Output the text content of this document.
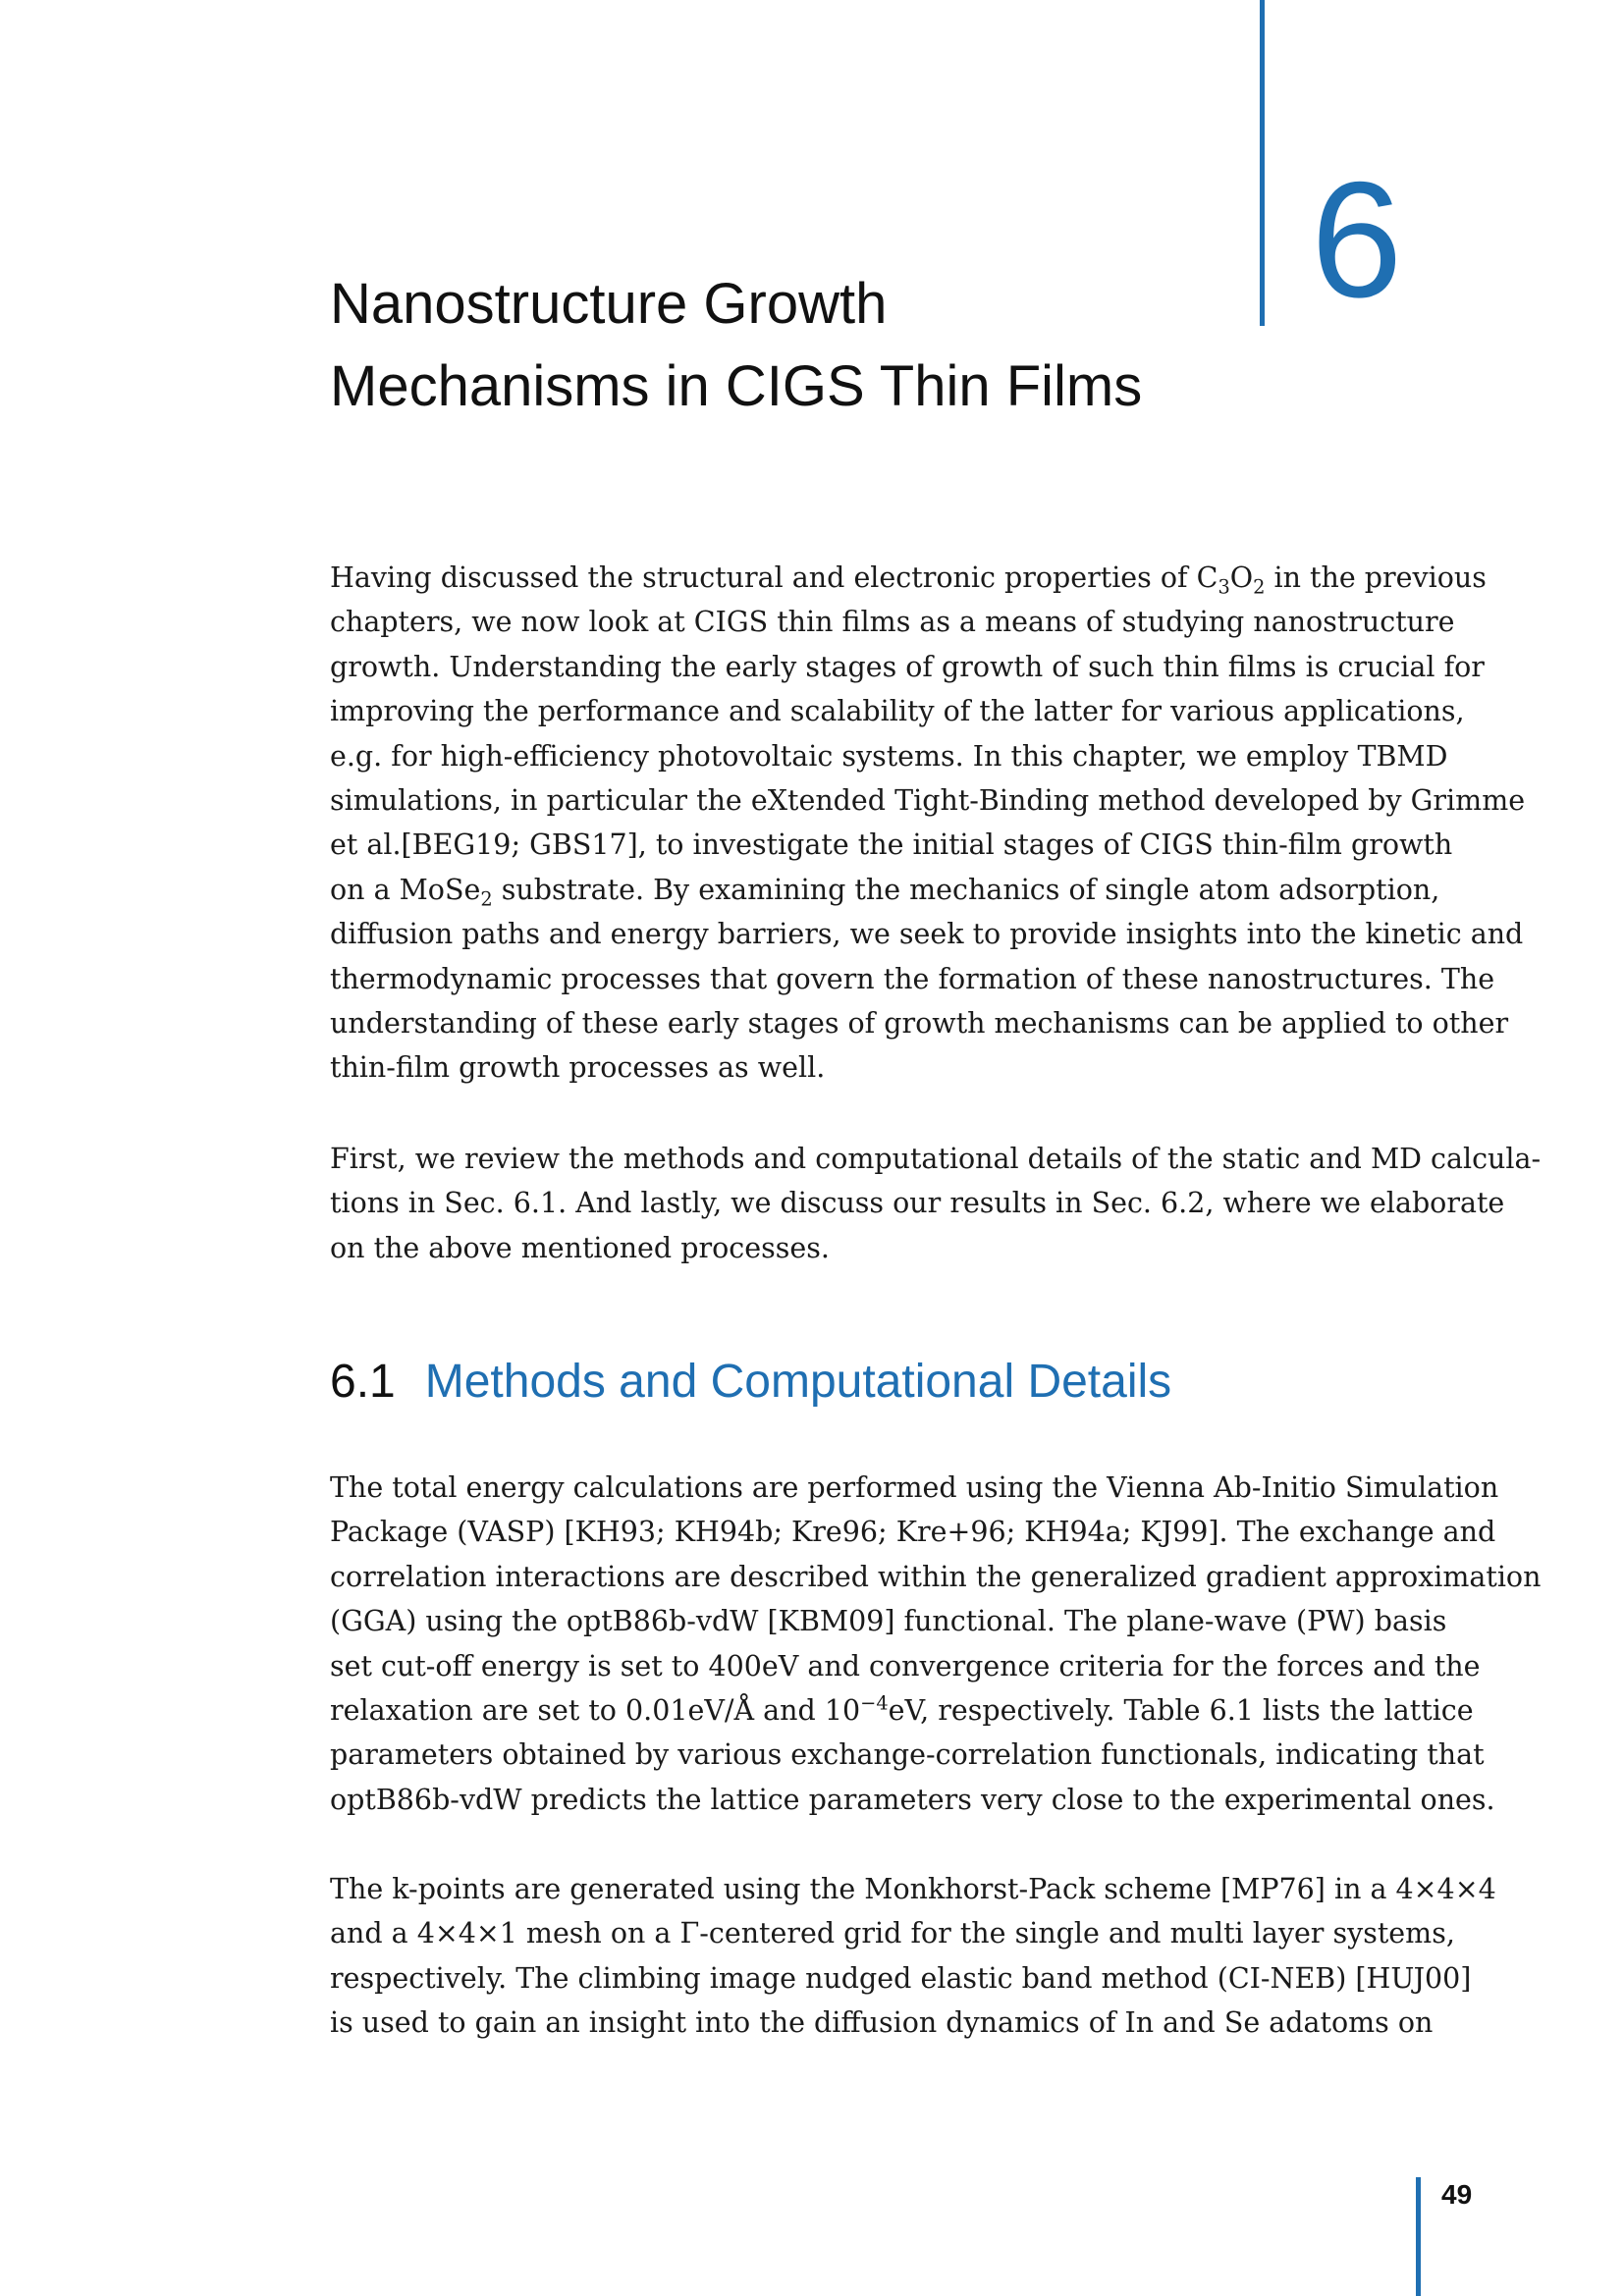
6
Nanostructure Growth
Mechanisms in CIGS Thin Films
Having discussed the structural and electronic properties of $C_3O_2$ in the previous
chapters, we now look at CIGS thin films as a means of studying nanostructure
growth. Understanding the early stages of growth of such thin films is crucial for
improving the performance and scalability of the latter for various applications,
e.g. for high-efficiency photovoltaic systems. In this chapter, we employ TBMD
simulations, in particular the eXtended Tight-Binding method developed by Grimme
et al.[BEG19; GBS17], to investigate the initial stages of CIGS thin-film growth
on a MoSe$_2$ substrate. By examining the mechanics of single atom adsorption,
diffusion paths and energy barriers, we seek to provide insights into the kinetic and
thermodynamic processes that govern the formation of these nanostructures. The
understanding of these early stages of growth mechanisms can be applied to other
thin-film growth processes as well.
First, we review the methods and computational details of the static and MD calcula-
tions in Sec. 6.1. And lastly, we discuss our results in Sec. 6.2, where we elaborate
on the above mentioned processes.
6.1 Methods and Computational Details
The total energy calculations are performed using the Vienna Ab-Initio Simulation
Package (VASP) [KH93; KH94b; Kre96; Kre+96; KH94a; KJ99]. The exchange and
correlation interactions are described within the generalized gradient approximation
(GGA) using the optB86b-vdW [KBM09] functional. The plane-wave (PW) basis
set cut-off energy is set to 400eV and convergence criteria for the forces and the
relaxation are set to 0.01eV/Å and $10^{-4}eV$, respectively. Table 6.1 lists the lattice
parameters obtained by various exchange-correlation functionals, indicating that
optB86b-vdW predicts the lattice parameters very close to the experimental ones.
The k-points are generated using the Monkhorst-Pack scheme [MP76] in a 4×4×4
and a 4×4×1 mesh on a Γ-centered grid for the single and multi layer systems,
respectively. The climbing image nudged elastic band method (CI-NEB) [HUJ00]
is used to gain an insight into the diffusion dynamics of In and Se adatoms on
49
